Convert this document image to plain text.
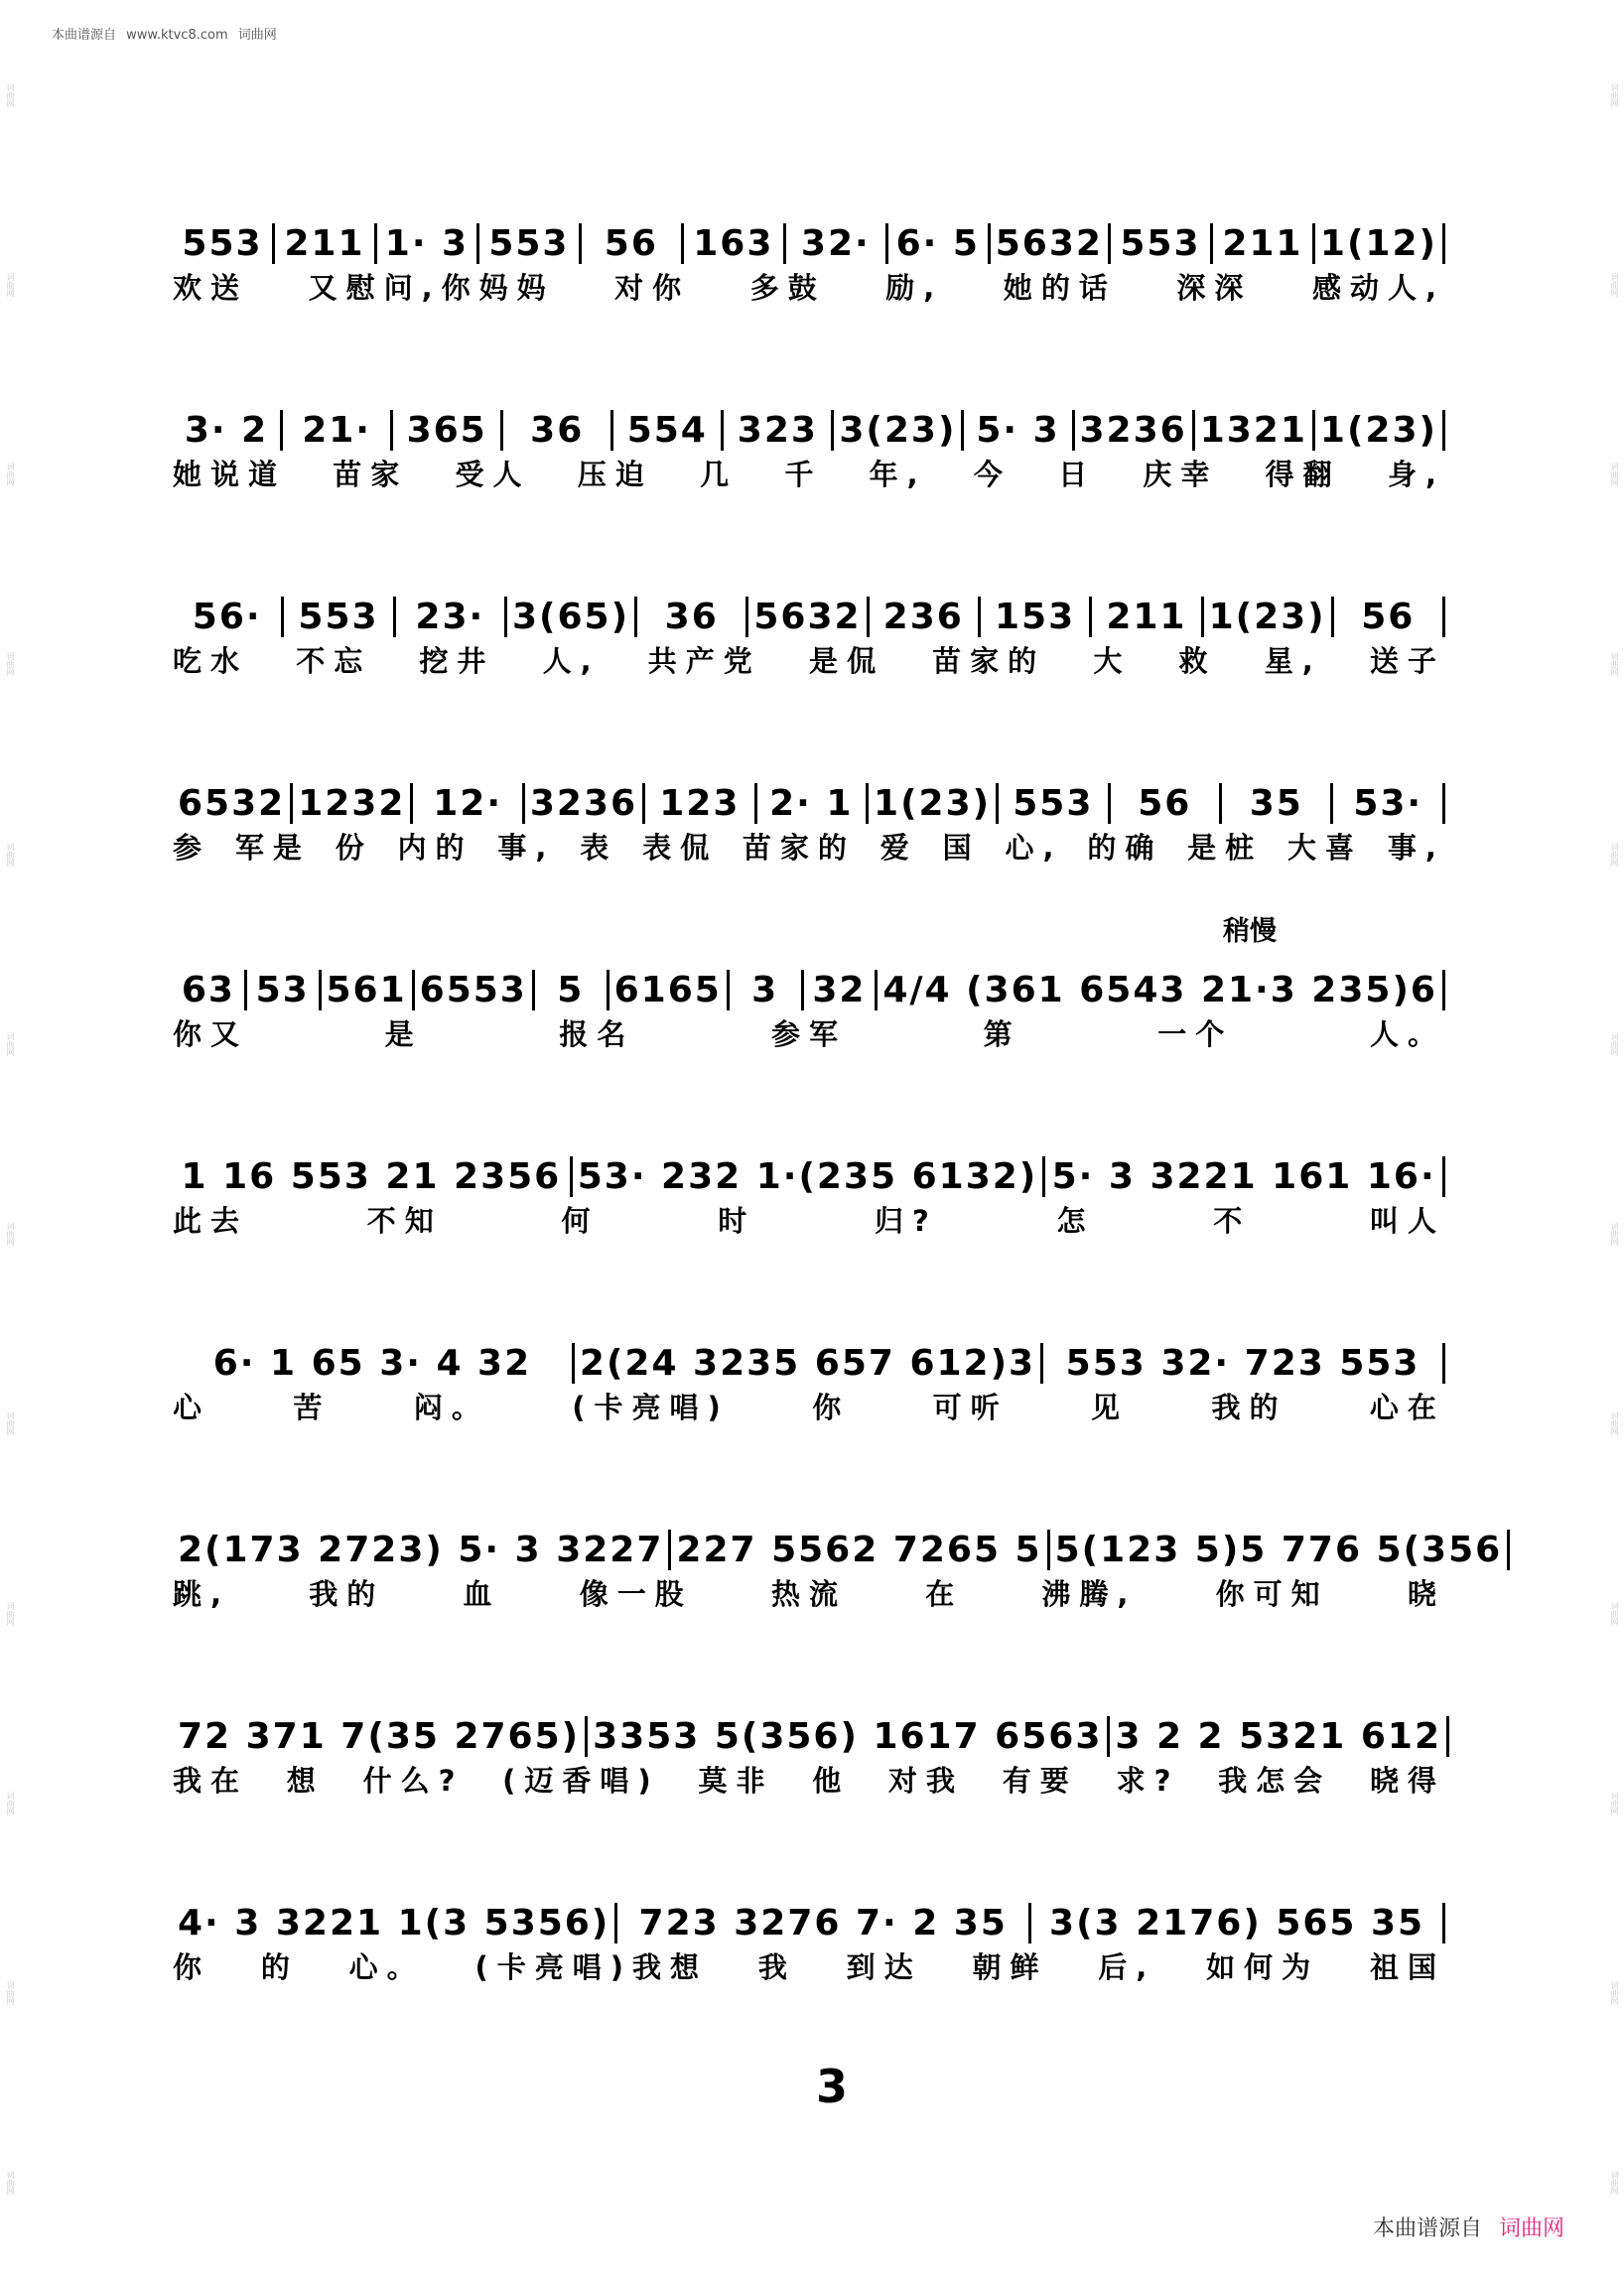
词曲网
词曲网
词曲网
词曲网
词曲网
词曲网
词曲网
词曲网
词曲网
词曲网
词曲网
词曲网
词曲网
词曲网
词曲网
词曲网
词曲网
词曲网
词曲网
词曲网
词曲网
词曲网
词曲网
词曲网
本曲谱源自 www.ktvc8.com 词曲网
553 211 1· 3 553 56 163 32· 6· 5 5632 553 211 1(12)
欢送 又慰问,你妈妈 对你 多鼓 励, 她的话 深深 感动人,
3· 2 21· 365	36	554 323 3(23) 5· 3 3236 1321 1(23)
她说道 苗家 受人 压迫 几 千 年, 今 日 庆幸 得翻 身,
56·	553	23· 3(65) 36 5632 236 153 211 1(23) 56
吃水 不忘 挖井 人, 共产党 是侃 苗家的 大 救 星, 送子
6532 1232 12· 3236 123 2· 1 1(23) 553	56	35	53·
参 军是 份 内的 事, 表 表侃 苗家的 爱 国 心, 的确 是桩 大喜 事,
稍慢
63 53 561 6553 5 6165 3 32 4/4 (361 6543 21·3 235)6
你又	是	报名	参军	第	一个	人。
1 16 553 21 2356 53· 232 1·(235 6132) 5· 3 3221 161 16·
此去	不知	何	时	归?	怎	不	叫人
6· 1 65 3· 4 32	2(24 3235 657 612)3 553 32· 723 553
心	苦	闷。	(卡亮唱)	你	可听	见	我的	心在
2(173 2723) 5· 3 3227 227 5562 7265 5 5(123 5)5 776 5(356
跳,	我的	血	像一股	热流	在	沸腾,	你可知	晓
72 371 7(35 2765) 3353 5(356) 1617 6563 3 2 2 5321 612
我在 想 什么? (迈香唱) 莫非 他 对我 有要 求? 我怎会 晓得
4· 3 3221 1(3 5356) 723 3276 7· 2 35	3(3 2176) 565 35
你 的 心。 (卡亮唱)我想 我 到达 朝鲜 后, 如何为 祖国
3
本曲谱源自 词曲网
